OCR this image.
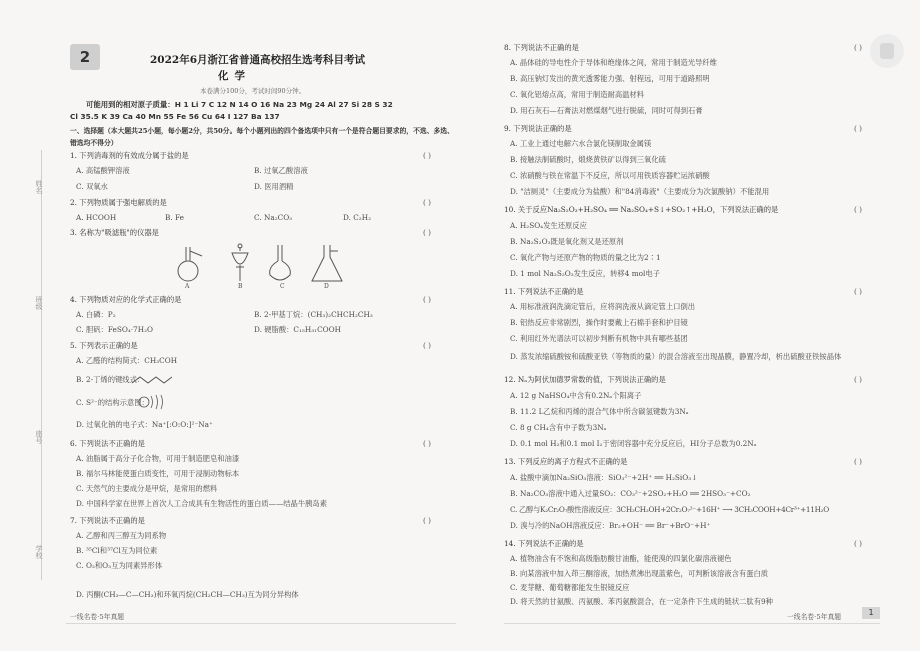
姓名
班级
座号
学校
2	2022年6月浙江省普通高校招生选考科目考试
化学
本卷满分100分，考试时间90分钟。
可能用到的相对原子质量：H 1 Li 7 C 12 N 14 O 16 Na 23 Mg 24 Al 27 Si 28 S 32
Cl 35.5 K 39 Ca 40 Mn 55 Fe 56 Cu 64 I 127 Ba 137
一、选择题（本大题共25小题，每小题2分，共50分。每个小题列出的四个备选项中只有一个是符合题目要求的，不选、多选、错选均不得分）
1. 下列消毒剂的有效成分属于盐的是	( )
A. 高锰酸钾溶液	B. 过氧乙酸溶液
C. 双氧水	D. 医用酒精
2. 下列物质属于强电解质的是	( )
A. HCOOH	B. Fe	C. Na₂CO₃	D. C₂H₂
3. 名称为"吸滤瓶"的仪器是	( )
A	B	C	D
4. 下列物质对应的化学式正确的是	( )
A. 白磷：P₂	B. 2-甲基丁烷：(CH₃)₂CHCH₂CH₃
C. 胆矾：FeSO₄·7H₂O	D. 硬脂酸：C₁₅H₃₁COOH
5. 下列表示正确的是	( )
A. 乙醛的结构简式：CH₃COH
B. 2-丁烯的键线式：
C. S²⁻的结构示意图：
D. 过氧化钠的电子式：Na⁺[:O:O:]²⁻Na⁺
6. 下列说法不正确的是	( )
A. 油脂属于高分子化合物，可用于制造肥皂和油漆
B. 福尔马林能使蛋白质变性，可用于浸制动物标本
C. 天然气的主要成分是甲烷，是常用的燃料
D. 中国科学家在世界上首次人工合成具有生物活性的蛋白质——结晶牛胰岛素
7. 下列说法不正确的是	( )
A. 乙醇和丙三醇互为同系物
B. ³⁵Cl和³⁷Cl互为同位素
C. O₂和O₃互为同素异形体
D. 丙酮(CH₃—C—CH₃)和环氧丙烷(CH₂CH—CH₃)互为同分异构体
8. 下列说法不正确的是	( )
A. 晶体硅的导电性介于导体和绝缘体之间，常用于制造光导纤维
B. 高压钠灯发出的黄光透雾能力强、射程远，可用于道路照明
C. 氧化铝熔点高，常用于制造耐高温材料
D. 用石灰石—石膏法对燃煤烟气进行脱硫，同时可得到石膏
9. 下列说法正确的是	( )
A. 工业上通过电解六水合氯化镁制取金属镁
B. 接触法制硫酸时，煅烧黄铁矿以得到三氧化硫
C. 浓硝酸与铁在常温下不反应，所以可用铁质容器贮运浓硝酸
D. "洁厕灵"（主要成分为盐酸）和"84消毒液"（主要成分为次氯酸钠）不能混用
10. 关于反应Na₂S₂O₃+H₂SO₄ ══ Na₂SO₄+S↓+SO₂↑+H₂O，下列说法正确的是	( )
A. H₂SO₄发生还原反应
B. Na₂S₂O₃既是氧化剂又是还原剂
C. 氧化产物与还原产物的物质的量之比为2∶1
D. 1 mol Na₂S₂O₃发生反应，转移4 mol电子
11. 下列说法不正确的是	( )
A. 用标准液润洗滴定管后，应将润洗液从滴定管上口倒出
B. 铝热反应非常剧烈，操作时要戴上石棉手套和护目镜
C. 利用红外光谱法可以初步判断有机物中具有哪些基团
D. 蒸发浓缩硫酸铵和硫酸亚铁（等物质的量）的混合溶液至出现晶膜，静置冷却，析出硫酸亚铁铵晶体
12. Nₐ为阿伏加德罗常数的值，下列说法正确的是	( )
A. 12 g NaHSO₄中含有0.2Nₐ个阳离子
B. 11.2 L乙烷和丙烯的混合气体中所含碳氢键数为3Nₐ
C. 8 g CH₄含有中子数为3Nₐ
D. 0.1 mol H₂和0.1 mol I₂于密闭容器中充分反应后，HI分子总数为0.2Nₐ
13. 下列反应的离子方程式不正确的是	( )
A. 盐酸中滴加Na₂SiO₃溶液：SiO₃²⁻+2H⁺ ══ H₂SiO₃↓
B. Na₂CO₃溶液中通入过量SO₂：CO₃²⁻+2SO₂+H₂O ══ 2HSO₃⁻+CO₂
C. 乙醇与K₂Cr₂O₇酸性溶液反应：3CH₃CH₂OH+2Cr₂O₇²⁻+16H⁺ ⟶ 3CH₃COOH+4Cr³⁺+11H₂O
D. 溴与冷的NaOH溶液反应：Br₂+OH⁻ ══ Br⁻+BrO⁻+H⁺
14. 下列说法不正确的是	( )
A. 植物油含有不饱和高级脂肪酸甘油酯，能使溴的四氯化碳溶液褪色
B. 向某溶液中加入茚三酮溶液，加热煮沸出现蓝紫色，可判断该溶液含有蛋白质
C. 麦芽糖、葡萄糖都能发生银镜反应
D. 将天然的甘氨酸、丙氨酸、苯丙氨酸混合，在一定条件下生成的链状二肽有9种
一线名卷·5年真题	一线名卷·5年真题	1
